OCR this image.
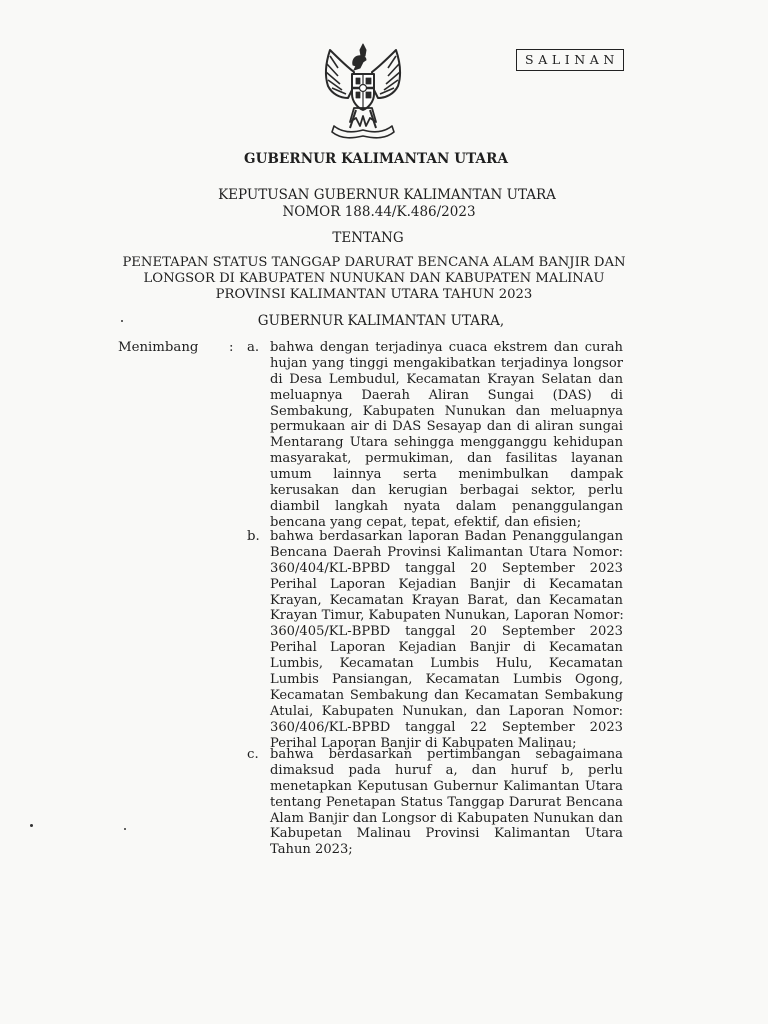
SALINAN
GUBERNUR KALIMANTAN UTARA
KEPUTUSAN GUBERNUR KALIMANTAN UTARA
NOMOR 188.44/K.486/2023
TENTANG
PENETAPAN STATUS TANGGAP DARURAT BENCANA ALAM BANJIR DAN
LONGSOR DI KABUPATEN NUNUKAN DAN KABUPATEN MALINAU
PROVINSI KALIMANTAN UTARA TAHUN 2023
GUBERNUR KALIMANTAN UTARA,
Menimbang : a. bahwa dengan terjadinya cuaca ekstrem dan curah
hujan yang tinggi mengakibatkan terjadinya longsor
di Desa Lembudul, Kecamatan Krayan Selatan dan
meluapnya Daerah Aliran Sungai (DAS) di
Sembakung, Kabupaten Nunukan dan meluapnya
permukaan air di DAS Sesayap dan di aliran sungai
Mentarang Utara sehingga mengganggu kehidupan
masyarakat, permukiman, dan fasilitas layanan
umum lainnya serta menimbulkan dampak
kerusakan dan kerugian berbagai sektor, perlu
diambil langkah nyata dalam penanggulangan
bencana yang cepat, tepat, efektif, dan efisien;
b. bahwa berdasarkan laporan Badan Penanggulangan
Bencana Daerah Provinsi Kalimantan Utara Nomor:
360/404/KL-BPBD tanggal 20 September 2023
Perihal Laporan Kejadian Banjir di Kecamatan
Krayan, Kecamatan Krayan Barat, dan Kecamatan
Krayan Timur, Kabupaten Nunukan, Laporan Nomor:
360/405/KL-BPBD tanggal 20 September 2023
Perihal Laporan Kejadian Banjir di Kecamatan
Lumbis, Kecamatan Lumbis Hulu, Kecamatan
Lumbis Pansiangan, Kecamatan Lumbis Ogong,
Kecamatan Sembakung dan Kecamatan Sembakung
Atulai, Kabupaten Nunukan, dan Laporan Nomor:
360/406/KL-BPBD tanggal 22 September 2023
Perihal Laporan Banjir di Kabupaten Malinau;
c. bahwa berdasarkan pertimbangan sebagaimana
dimaksud pada huruf a, dan huruf b, perlu
menetapkan Keputusan Gubernur Kalimantan Utara
tentang Penetapan Status Tanggap Darurat Bencana
Alam Banjir dan Longsor di Kabupaten Nunukan dan
Kabupetan Malinau Provinsi Kalimantan Utara
Tahun 2023;
